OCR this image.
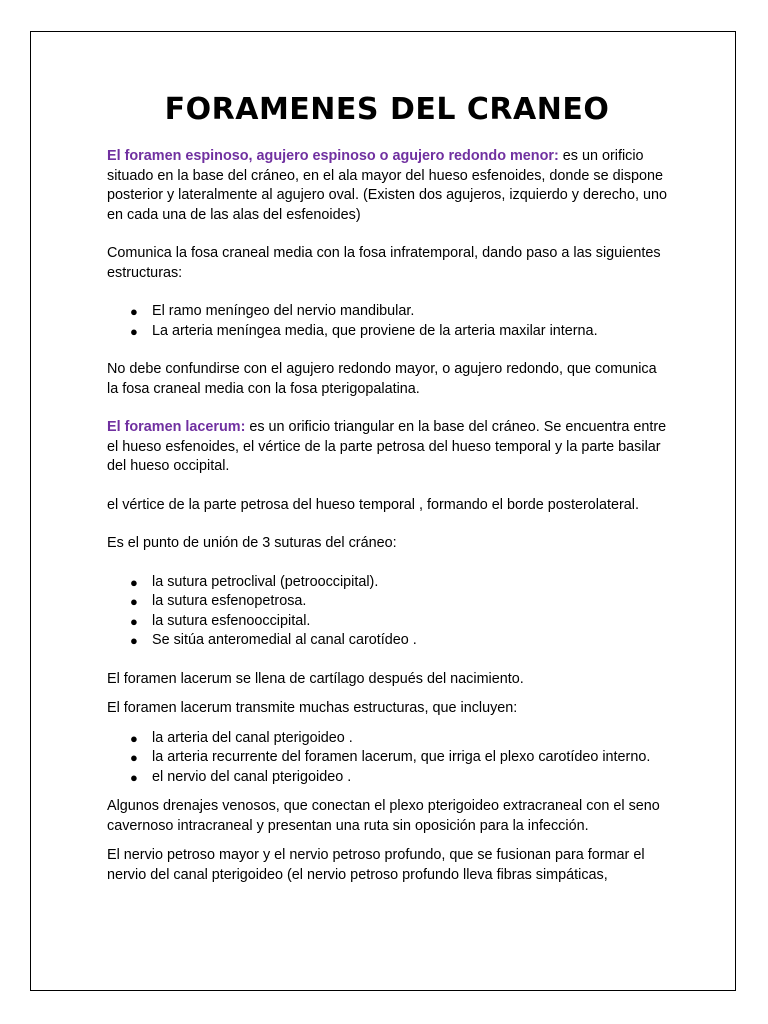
FORAMENES DEL CRANEO

El foramen espinoso, agujero espinoso o agujero redondo menor: es un orificio situado en la base del cráneo, en el ala mayor del hueso esfenoides, donde se dispone posterior y lateralmente al agujero oval. (Existen dos agujeros, izquierdo y derecho, uno en cada una de las alas del esfenoides)

Comunica la fosa craneal media con la fosa infratemporal, dando paso a las siguientes estructuras:

● El ramo meníngeo del nervio mandibular.
● La arteria meníngea media, que proviene de la arteria maxilar interna.

No debe confundirse con el agujero redondo mayor, o agujero redondo, que comunica la fosa craneal media con la fosa pterigopalatina.

El foramen lacerum: es un orificio triangular en la base del cráneo. Se encuentra entre el hueso esfenoides, el vértice de la parte petrosa del hueso temporal y la parte basilar del hueso occipital.

el vértice de la parte petrosa del hueso temporal , formando el borde posterolateral.

Es el punto de unión de 3 suturas del cráneo:

● la sutura petroclival (petrooccipital).
● la sutura esfenopetrosa.
● la sutura esfenooccipital.
● Se sitúa anteromedial al canal carotídeo .

El foramen lacerum se llena de cartílago después del nacimiento.

El foramen lacerum transmite muchas estructuras, que incluyen:

● la arteria del canal pterigoideo .
● la arteria recurrente del foramen lacerum, que irriga el plexo carotídeo interno.
● el nervio del canal pterigoideo .

Algunos drenajes venosos, que conectan el plexo pterigoideo extracraneal con el seno cavernoso intracraneal y presentan una ruta sin oposición para la infección.

El nervio petroso mayor y el nervio petroso profundo, que se fusionan para formar el nervio del canal pterigoideo (el nervio petroso profundo lleva fibras simpáticas,
